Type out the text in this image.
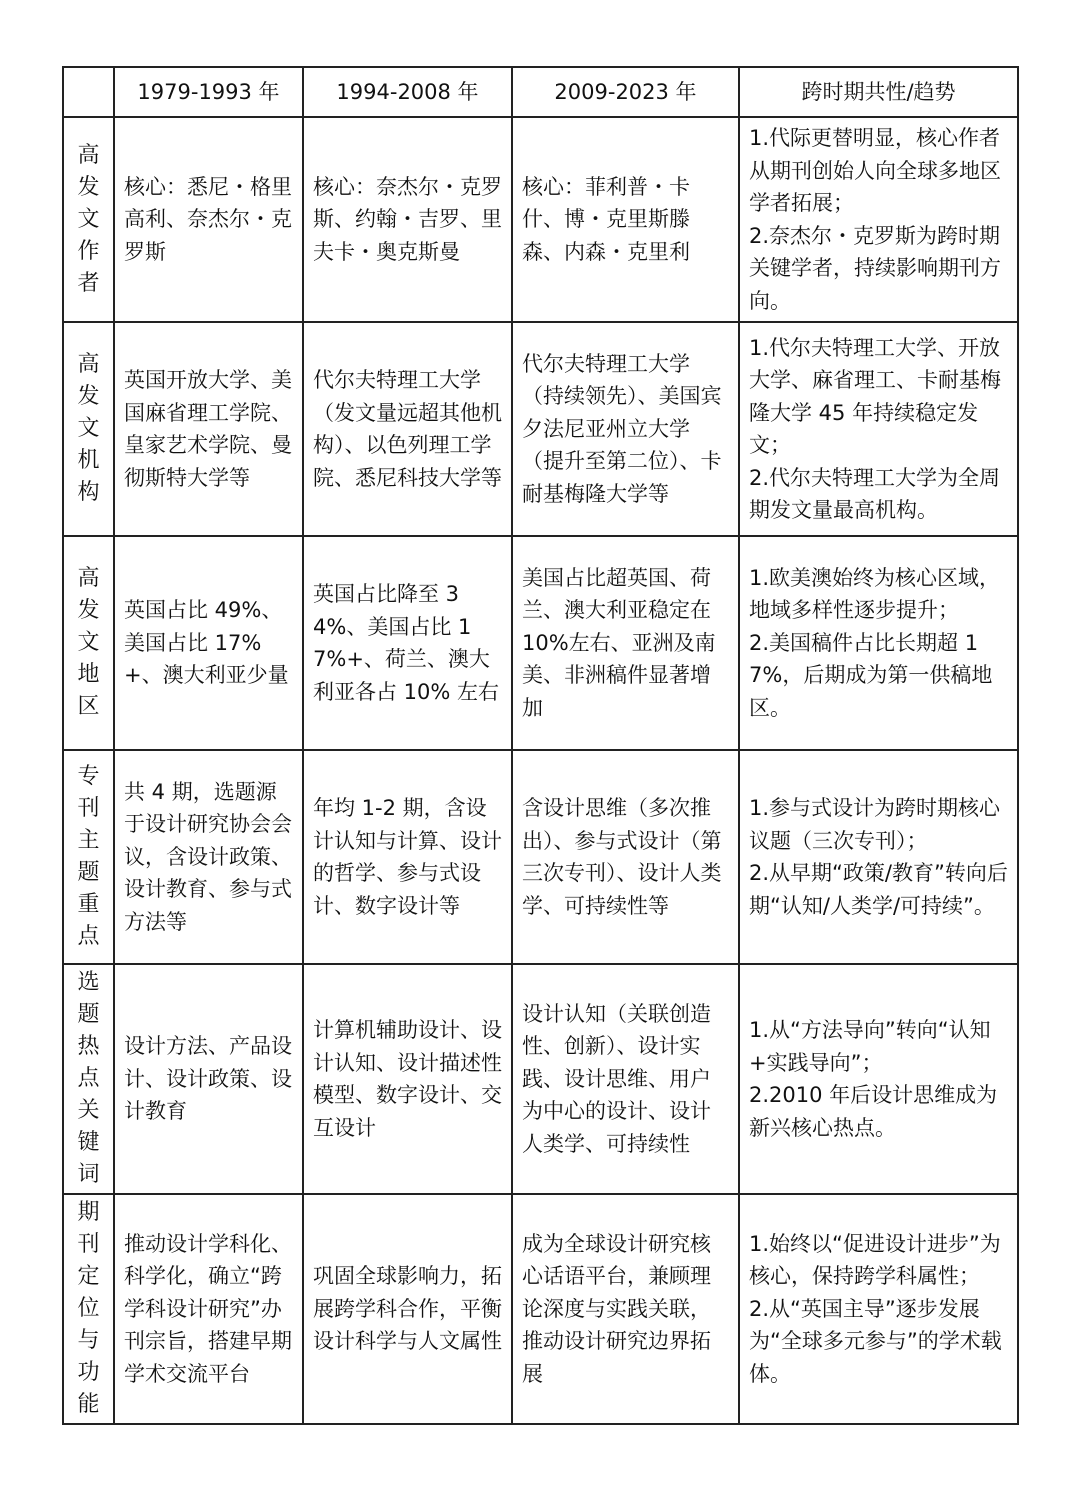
	1979-1993 年	1994-2008 年	2009-2023 年	跨时期共性/趋势
高发文作者	核心：悉尼・格里高利、奈杰尔・克罗斯	核心：奈杰尔・克罗斯、约翰・吉罗、里夫卡・奥克斯曼	核心：菲利普・卡什、博・克里斯滕森、内森・克里利	1.代际更替明显，核心作者从期刊创始人向全球多地区学者拓展；
2.奈杰尔・克罗斯为跨时期关键学者，持续影响期刊方向。

高发文机构	英国开放大学、美国麻省理工学院、皇家艺术学院、曼彻斯特大学等	代尔夫特理工大学（发文量远超其他机构）、以色列理工学院、悉尼科技大学等	代尔夫特理工大学（持续领先）、美国宾夕法尼亚州立大学（提升至第二位）、卡耐基梅隆大学等	1.代尔夫特理工大学、开放大学、麻省理工、卡耐基梅隆大学 45 年持续稳定发文；
2.代尔夫特理工大学为全周期发文量最高机构。

高发文地区	英国占比 49%、美国占比 17%+、澳大利亚少量	英国占比降至 34%、美国占比 17%+、荷兰、澳大利亚各占 10% 左右	美国占比超英国、荷兰、澳大利亚稳定在 10%左右、亚洲及南美、非洲稿件显著增加	1.欧美澳始终为核心区域，地域多样性逐步提升；
2.美国稿件占比长期超 17%，后期成为第一供稿地区。

专刊主题重点	共 4 期，选题源于设计研究协会会议，含设计政策、设计教育、参与式方法等	年均 1-2 期，含设计认知与计算、设计的哲学、参与式设计、数字设计等	含设计思维（多次推出）、参与式设计（第三次专刊）、设计人类学、可持续性等	1.参与式设计为跨时期核心议题（三次专刊）；
2.从早期“政策/教育”转向后期“认知/人类学/可持续”。

选题热点关键词	设计方法、产品设计、设计政策、设计教育	计算机辅助设计、设计认知、设计描述性模型、数字设计、交互设计	设计认知（关联创造性、创新）、设计实践、设计思维、用户为中心的设计、设计人类学、可持续性	1.从“方法导向”转向“认知+实践导向”；
2.2010 年后设计思维成为新兴核心热点。

期刊定位与功能	推动设计学科化、科学化，确立“跨学科设计研究”办刊宗旨，搭建早期学术交流平台	巩固全球影响力，拓展跨学科合作，平衡设计科学与人文属性	成为全球设计研究核心话语平台，兼顾理论深度与实践关联，推动设计研究边界拓展	1.始终以“促进设计进步”为核心，保持跨学科属性；
2.从“英国主导”逐步发展为“全球多元参与”的学术载体。
